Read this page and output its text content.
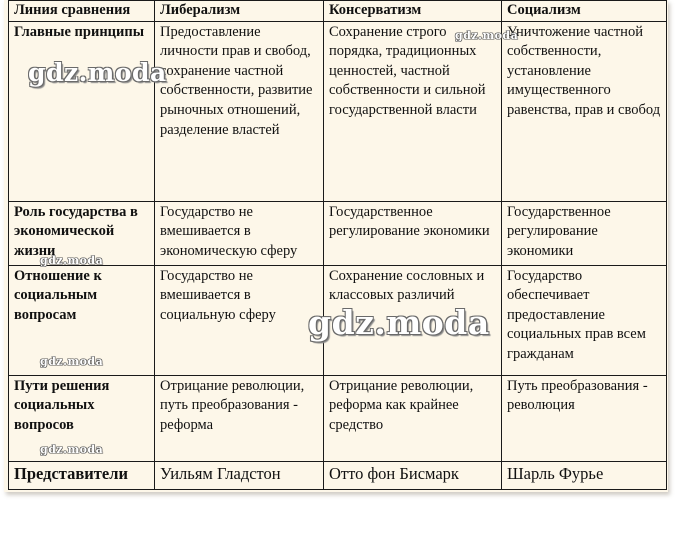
Линия сравнения	Либерализм	Консерватизм	Социализм
Главные принципы	Предоставление личности прав и свобод, сохранение частной собственности, развитие рыночных отношений, разделение властей	Сохранение строго порядка, традиционных ценностей, частной собственности и сильной государственной власти	Уничтожение частной собственности, установление имущественного равенства, прав и свобод
Роль государства в экономической жизни	Государство не вмешивается в экономическую сферу	Государственное регулирование экономики	Государственное регулирование экономики
Отношение к социальным вопросам	Государство не вмешивается в социальную сферу	Сохранение сословных и классовых различий	Государство обеспечивает предоставление социальных прав всем гражданам
Пути решения социальных вопросов	Отрицание революции, путь преобразования - реформа	Отрицание революции, реформа как крайнее средство	Путь преобразования - революция
Представители	Уильям Гладстон	Отто фон Бисмарк	Шарль Фурье
gdz.moda
gdz.moda
gdz.moda
gdz.moda
gdz.moda
gdz.moda
